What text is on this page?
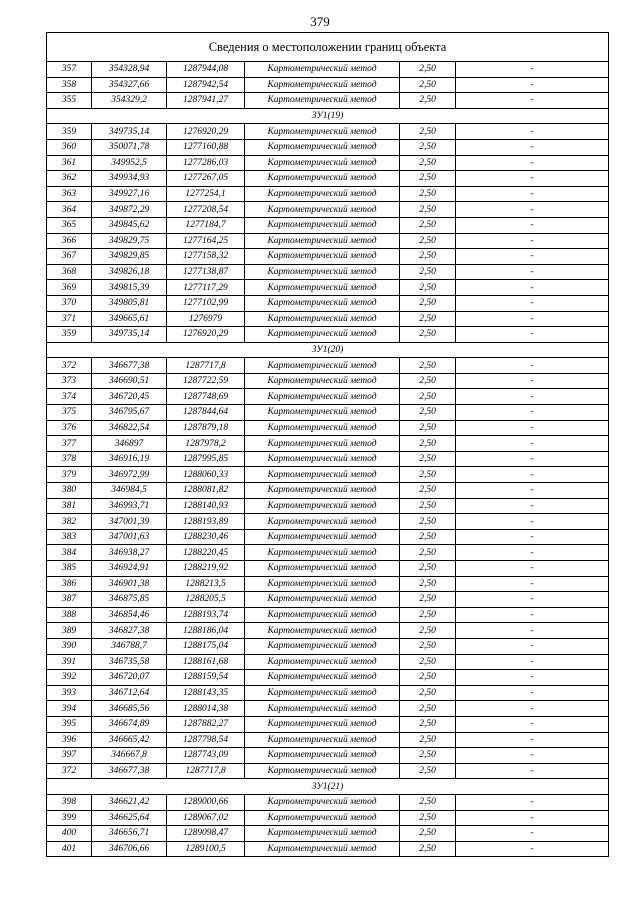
379
Сведения о местоположении границ объекта					
357	354328,94	1287944,08	Картометрический метод	2,50	-
358	354327,66	1287942,54	Картометрический метод	2,50	-
355	354329,2	1287941,27	Картометрический метод	2,50	-
ЗУ1(19)					
359	349735,14	1276920,29	Картометрический метод	2,50	-
360	350071,78	1277160,88	Картометрический метод	2,50	-
361	349952,5	1277286,03	Картометрический метод	2,50	-
362	349934,93	1277267,05	Картометрический метод	2,50	-
363	349927,16	1277254,1	Картометрический метод	2,50	-
364	349872,29	1277208,54	Картометрический метод	2,50	-
365	349845,62	1277184,7	Картометрический метод	2,50	-
366	349829,75	1277164,25	Картометрический метод	2,50	-
367	349829,85	1277158,32	Картометрический метод	2,50	-
368	349826,18	1277138,87	Картометрический метод	2,50	-
369	349815,39	1277117,29	Картометрический метод	2,50	-
370	349805,81	1277102,99	Картометрический метод	2,50	-
371	349665,61	1276979	Картометрический метод	2,50	-
359	349735,14	1276920,29	Картометрический метод	2,50	-
ЗУ1(20)					
372	346677,38	1287717,8	Картометрический метод	2,50	-
373	346690,51	1287722,59	Картометрический метод	2,50	-
374	346720,45	1287748,69	Картометрический метод	2,50	-
375	346795,67	1287844,64	Картометрический метод	2,50	-
376	346822,54	1287879,18	Картометрический метод	2,50	-
377	346897	1287978,2	Картометрический метод	2,50	-
378	346916,19	1287995,85	Картометрический метод	2,50	-
379	346972,99	1288060,33	Картометрический метод	2,50	-
380	346984,5	1288081,82	Картометрический метод	2,50	-
381	346993,71	1288140,93	Картометрический метод	2,50	-
382	347001,39	1288193,89	Картометрический метод	2,50	-
383	347001,63	1288230,46	Картометрический метод	2,50	-
384	346938,27	1288220,45	Картометрический метод	2,50	-
385	346924,91	1288219,92	Картометрический метод	2,50	-
386	346901,38	1288213,5	Картометрический метод	2,50	-
387	346875,85	1288205,5	Картометрический метод	2,50	-
388	346854,46	1288193,74	Картометрический метод	2,50	-
389	346827,38	1288186,04	Картометрический метод	2,50	-
390	346788,7	1288175,04	Картометрический метод	2,50	-
391	346735,58	1288161,68	Картометрический метод	2,50	-
392	346720,07	1288159,54	Картометрический метод	2,50	-
393	346712,64	1288143,35	Картометрический метод	2,50	-
394	346685,56	1288014,38	Картометрический метод	2,50	-
395	346674,89	1287882,27	Картометрический метод	2,50	-
396	346665,42	1287798,54	Картометрический метод	2,50	-
397	346667,8	1287743,09	Картометрический метод	2,50	-
372	346677,38	1287717,8	Картометрический метод	2,50	-
ЗУ1(21)					
398	346621,42	1289000,66	Картометрический метод	2,50	-
399	346625,64	1289067,02	Картометрический метод	2,50	-
400	346656,71	1289098,47	Картометрический метод	2,50	-
401	346706,66	1289100,5	Картометрический метод	2,50	-
